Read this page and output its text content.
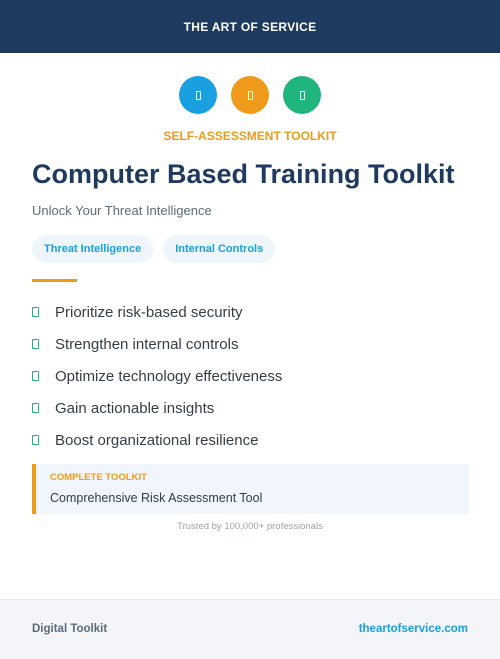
THE ART OF SERVICE
SELF-ASSESSMENT TOOLKIT
Computer Based Training Toolkit
Unlock Your Threat Intelligence
Threat Intelligence	Internal Controls
Prioritize risk-based security
Strengthen internal controls
Optimize technology effectiveness
Gain actionable insights
Boost organizational resilience
COMPLETE TOOLKIT
Comprehensive Risk Assessment Tool
Trusted by 100,000+ professionals
Digital Toolkit	theartofservice.com
